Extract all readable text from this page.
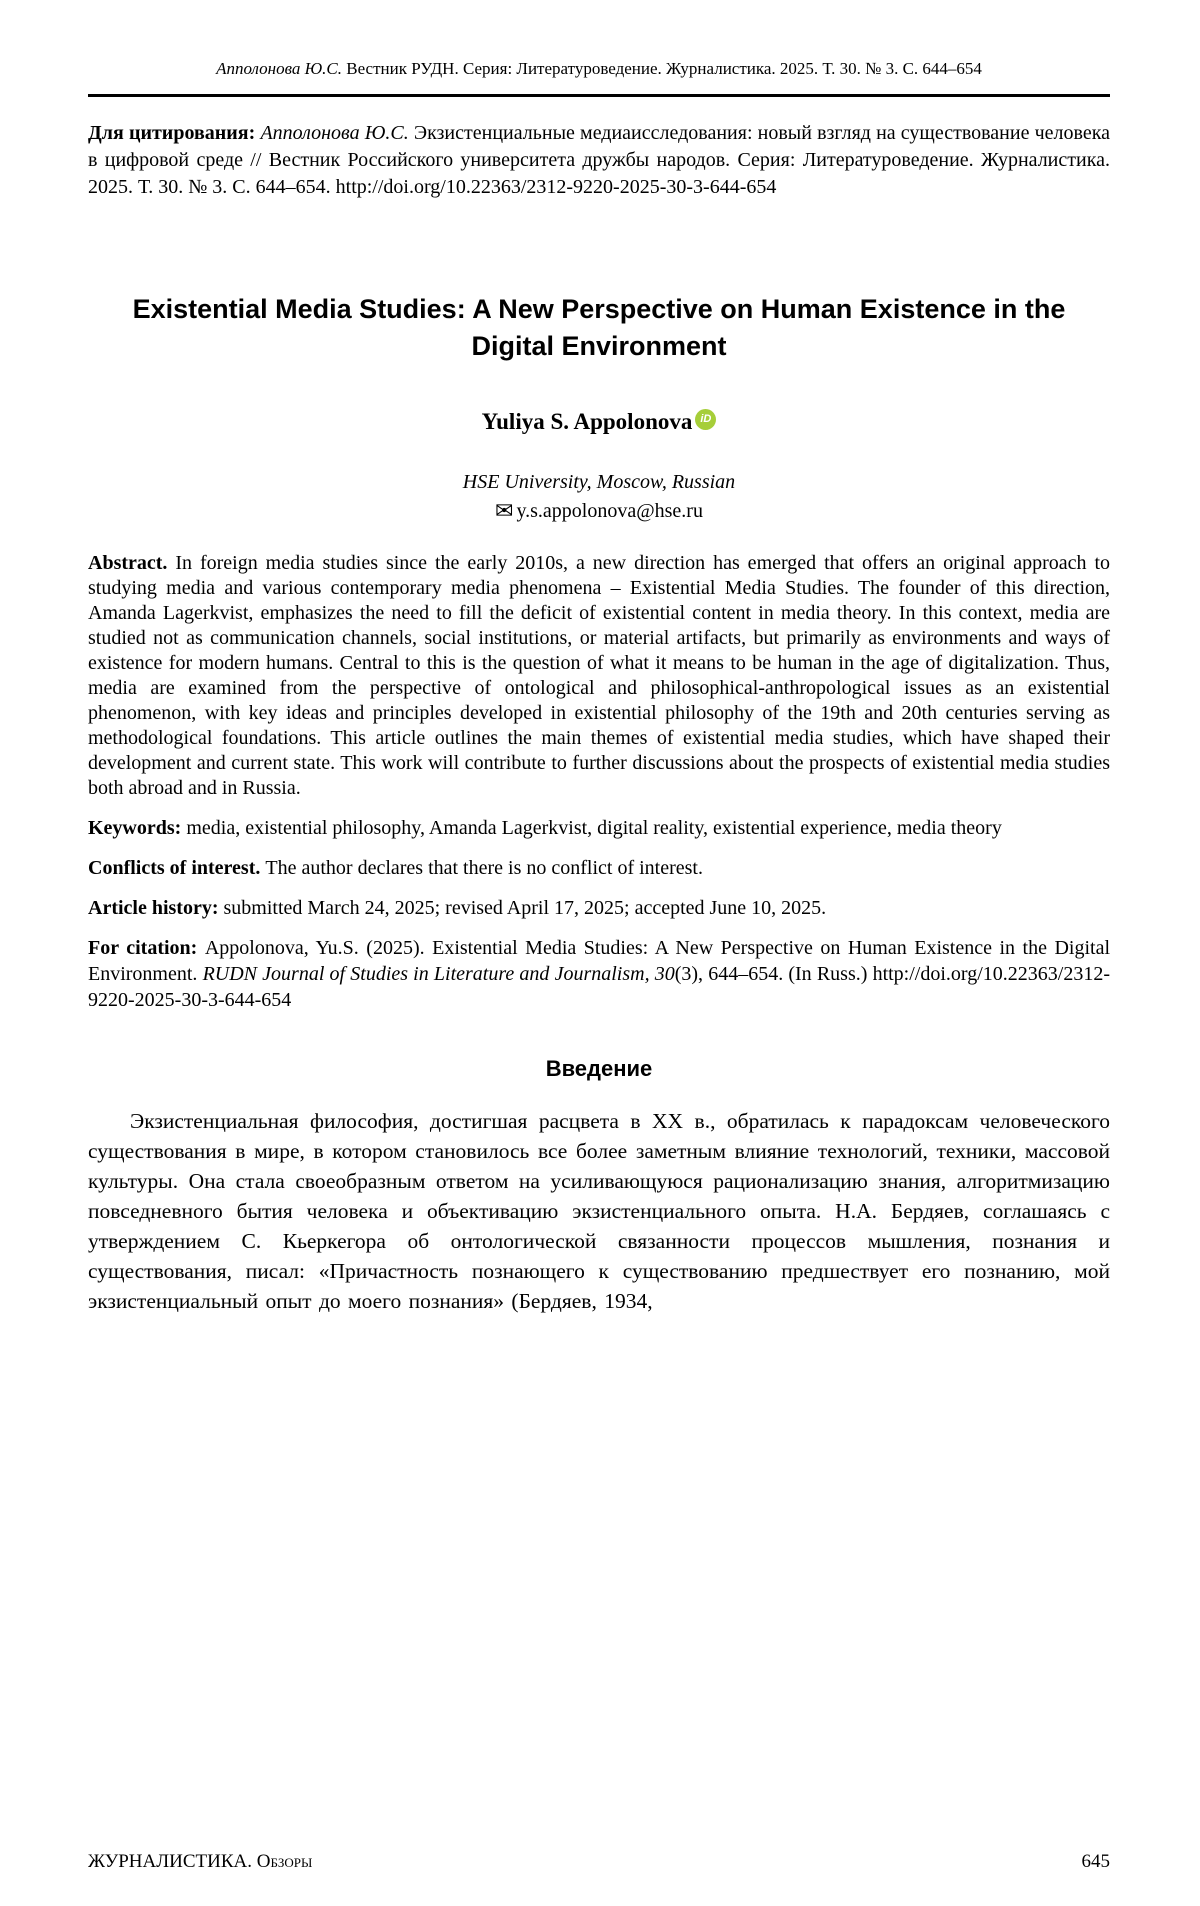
Апполонова Ю.С. Вестник РУДН. Серия: Литературоведение. Журналистика. 2025. Т. 30. № 3. С. 644–654

Для цитирования: Апполонова Ю.С. Экзистенциальные медиаисследования: новый взгляд на существование человека в цифровой среде // Вестник Российского университета дружбы народов. Серия: Литературоведение. Журналистика. 2025. Т. 30. № 3. С. 644–654. http://doi.org/10.22363/2312-9220-2025-30-3-644-654

Existential Media Studies: A New Perspective on Human Existence in the Digital Environment
Yuliya S. Appolonova iD
HSE University, Moscow, Russian
✉ y.s.appolonova@hse.ru

Abstract. In foreign media studies since the early 2010s, a new direction has emerged that offers an original approach to studying media and various contemporary media phenomena – Existential Media Studies. The founder of this direction, Amanda Lagerkvist, emphasizes the need to fill the deficit of existential content in media theory. In this context, media are studied not as communication channels, social institutions, or material artifacts, but primarily as environments and ways of existence for modern humans. Central to this is the question of what it means to be human in the age of digitalization. Thus, media are examined from the perspective of ontological and philosophical-anthropological issues as an existential phenomenon, with key ideas and principles developed in existential philosophy of the 19th and 20th centuries serving as methodological foundations. This article outlines the main themes of existential media studies, which have shaped their development and current state. This work will contribute to further discussions about the prospects of existential media studies both abroad and in Russia.

Keywords: media, existential philosophy, Amanda Lagerkvist, digital reality, existential experience, media theory

Conflicts of interest. The author declares that there is no conflict of interest.

Article history: submitted March 24, 2025; revised April 17, 2025; accepted June 10, 2025.

For citation: Appolonova, Yu.S. (2025). Existential Media Studies: A New Perspective on Human Existence in the Digital Environment. RUDN Journal of Studies in Literature and Journalism, 30(3), 644–654. (In Russ.) http://doi.org/10.22363/2312-9220-2025-30-3-644-654

Введение

Экзистенциальная философия, достигшая расцвета в XX в., обратилась к парадоксам человеческого существования в мире, в котором становилось все более заметным влияние технологий, техники, массовой культуры. Она стала своеобразным ответом на усиливающуюся рационализацию знания, алгоритмизацию повседневного бытия человека и объективацию экзистенциального опыта. Н.А. Бердяев, соглашаясь с утверждением С. Кьеркегора об онтологической связанности процессов мышления, познания и существования, писал: «Причастность познающего к существованию предшествует его познанию, мой экзистенциальный опыт до моего познания» (Бердяев, 1934,

ЖУРНАЛИСТИКА. Обзоры	645
